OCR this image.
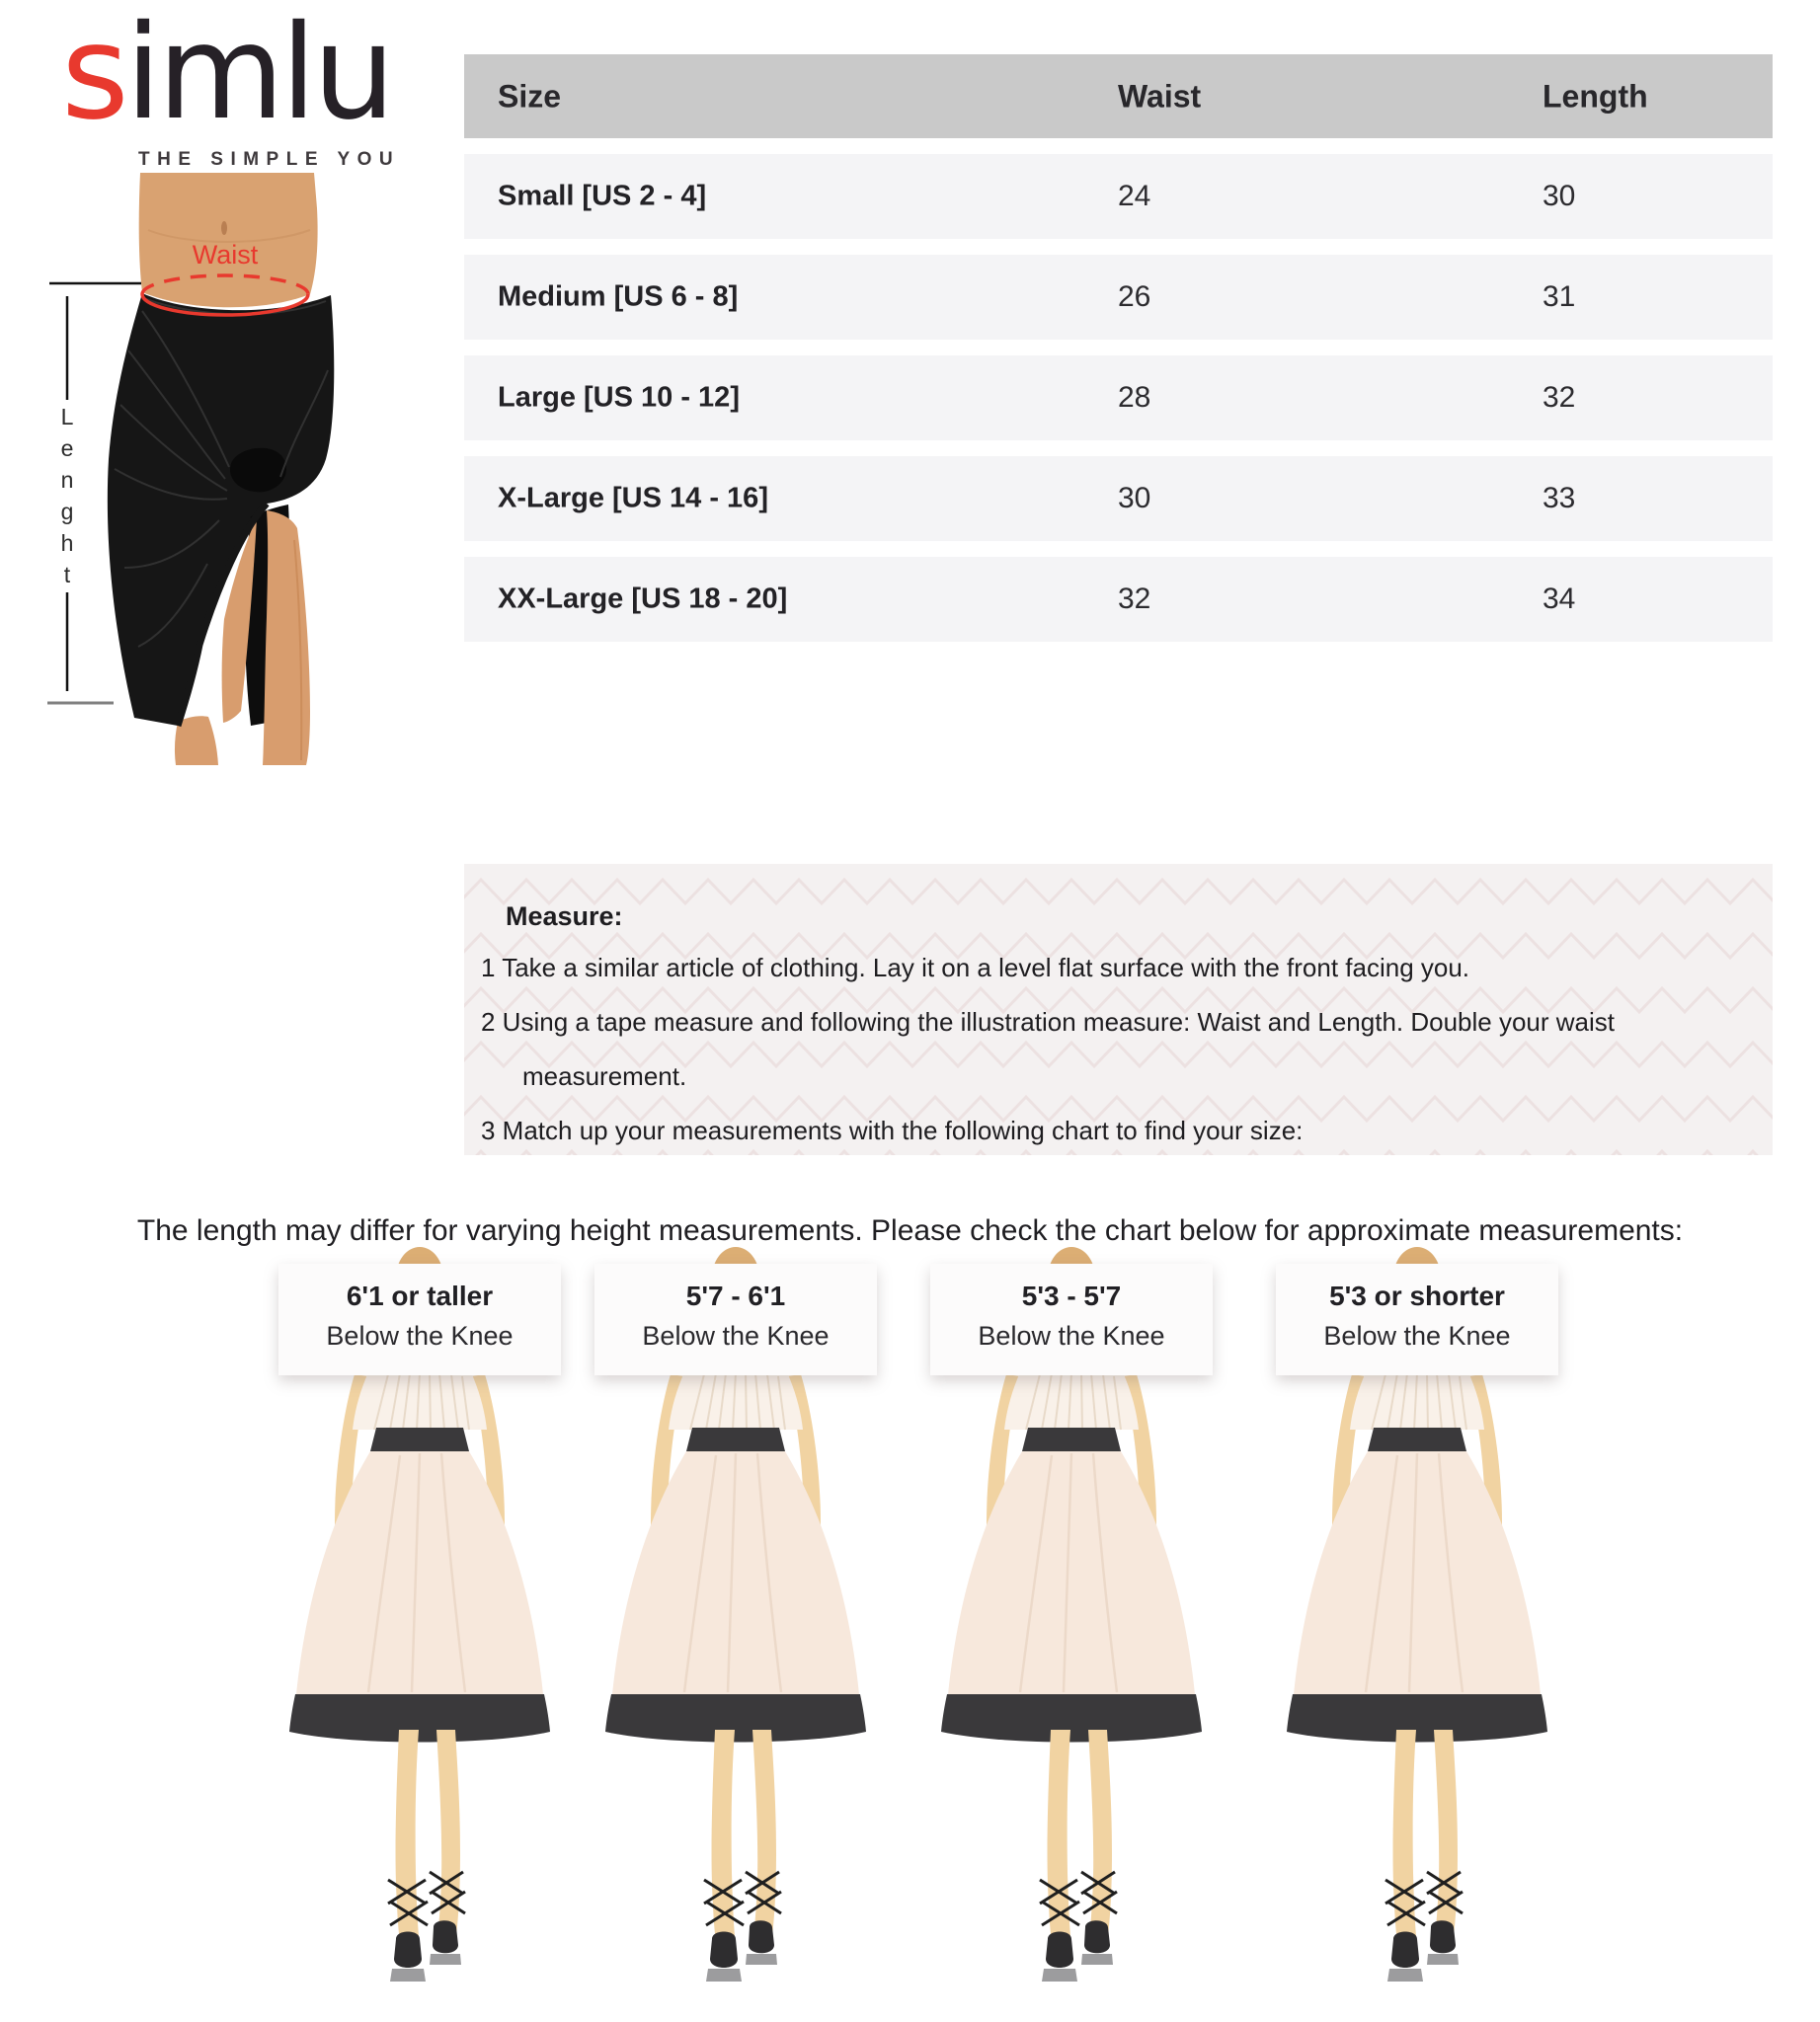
simlu
THE SIMPLE YOU
Waist
L
e
n
g
h
t
Size	Waist	Length
Small [US 2 - 4]	24	30
Medium [US 6 - 8]	26	31
Large [US 10 - 12]	28	32
X-Large [US 14 - 16]	30	33
XX-Large [US 18 - 20]	32	34
Measure:
1 Take a similar article of clothing. Lay it on a level flat surface with the front facing you.
2 Using a tape measure and following the illustration measure: Waist and Length. Double your waist
measurement.
3 Match up your measurements with the following chart to find your size:
The length may differ for varying height measurements. Please check the chart below for approximate measurements:
6'1 or taller
Below the Knee
5'7 - 6'1
Below the Knee
5'3 - 5'7
Below the Knee
5'3 or shorter
Below the Knee
